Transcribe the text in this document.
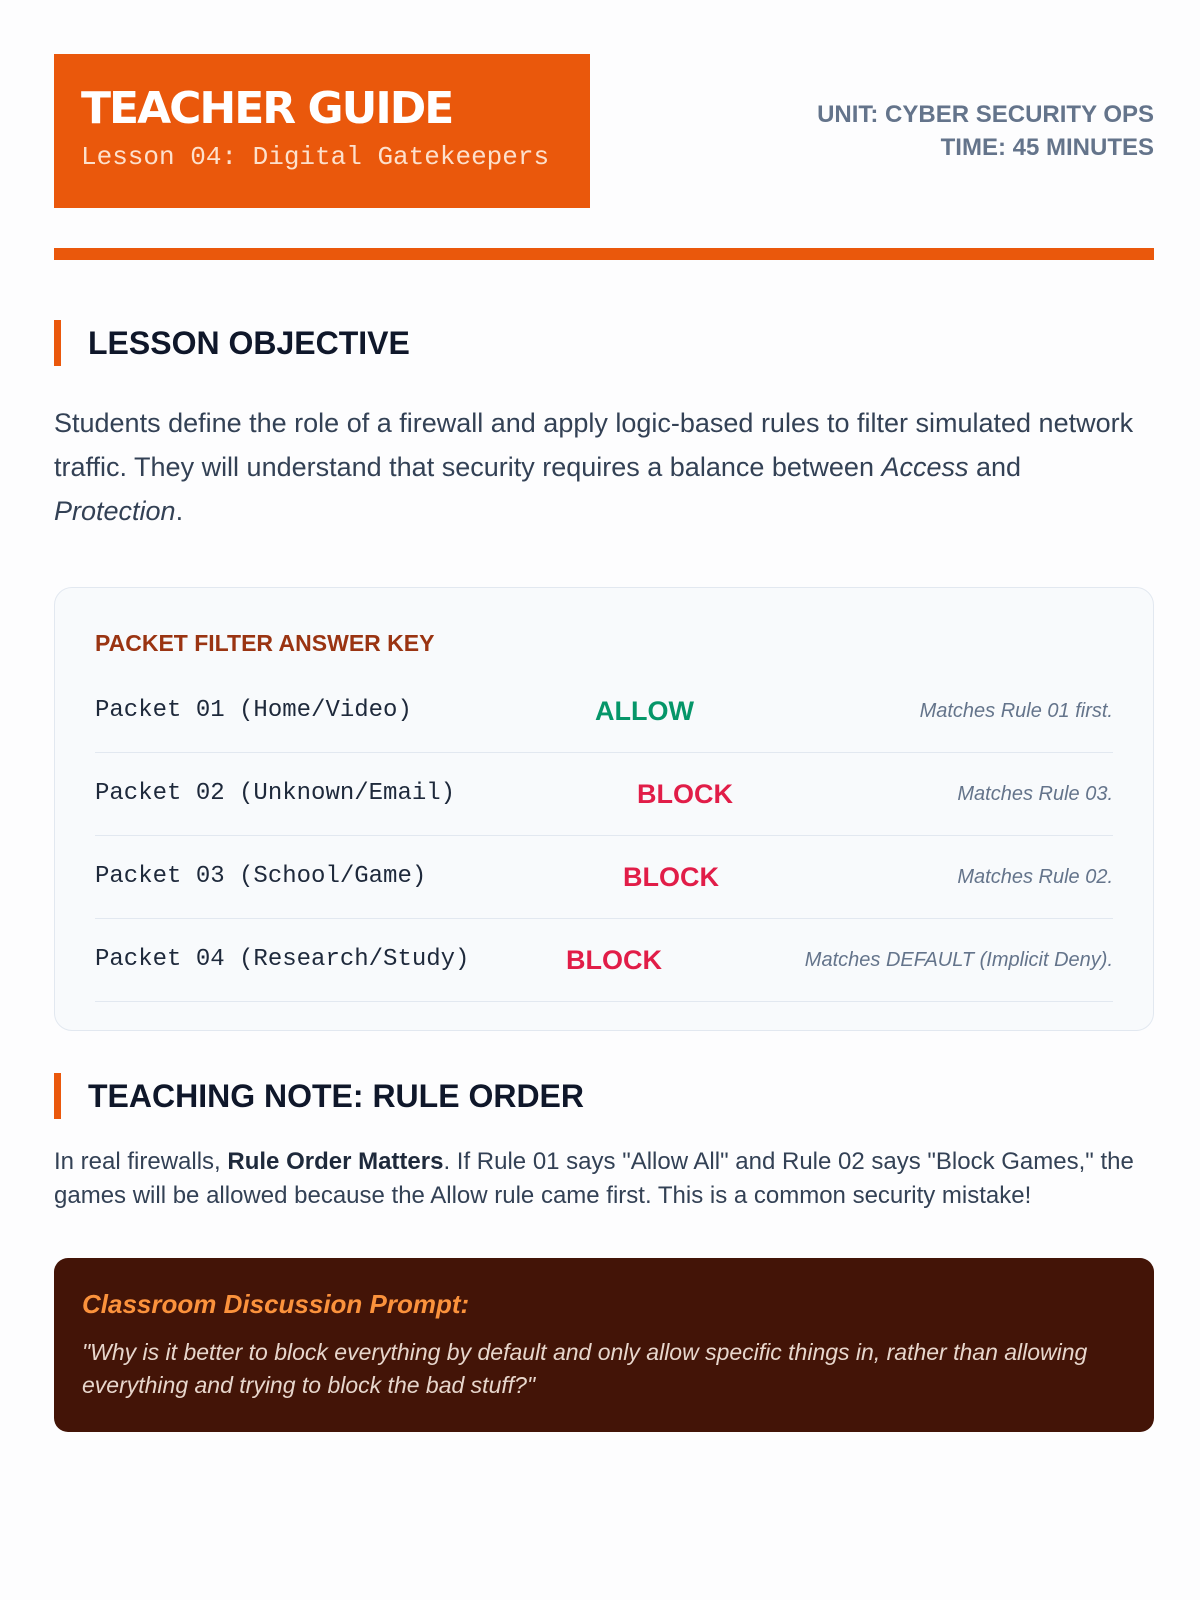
TEACHER GUIDE
Lesson 04: Digital Gatekeepers
UNIT: CYBER SECURITY OPS
TIME: 45 MINUTES
LESSON OBJECTIVE

Students define the role of a firewall and apply logic-based rules to filter simulated network traffic. They will understand that security requires a balance between Access and Protection.

PACKET FILTER ANSWER KEY
Packet 01 (Home/Video)	ALLOW	Matches Rule 01 first.
Packet 02 (Unknown/Email)	BLOCK	Matches Rule 03.
Packet 03 (School/Game)	BLOCK	Matches Rule 02.
Packet 04 (Research/Study)	BLOCK	Matches DEFAULT (Implicit Deny).
TEACHING NOTE: RULE ORDER

In real firewalls, Rule Order Matters. If Rule 01 says "Allow All" and Rule 02 says "Block Games," the games will be allowed because the Allow rule came first. This is a common security mistake!

Classroom Discussion Prompt:
"Why is it better to block everything by default and only allow specific things in, rather than allowing everything and trying to block the bad stuff?"
